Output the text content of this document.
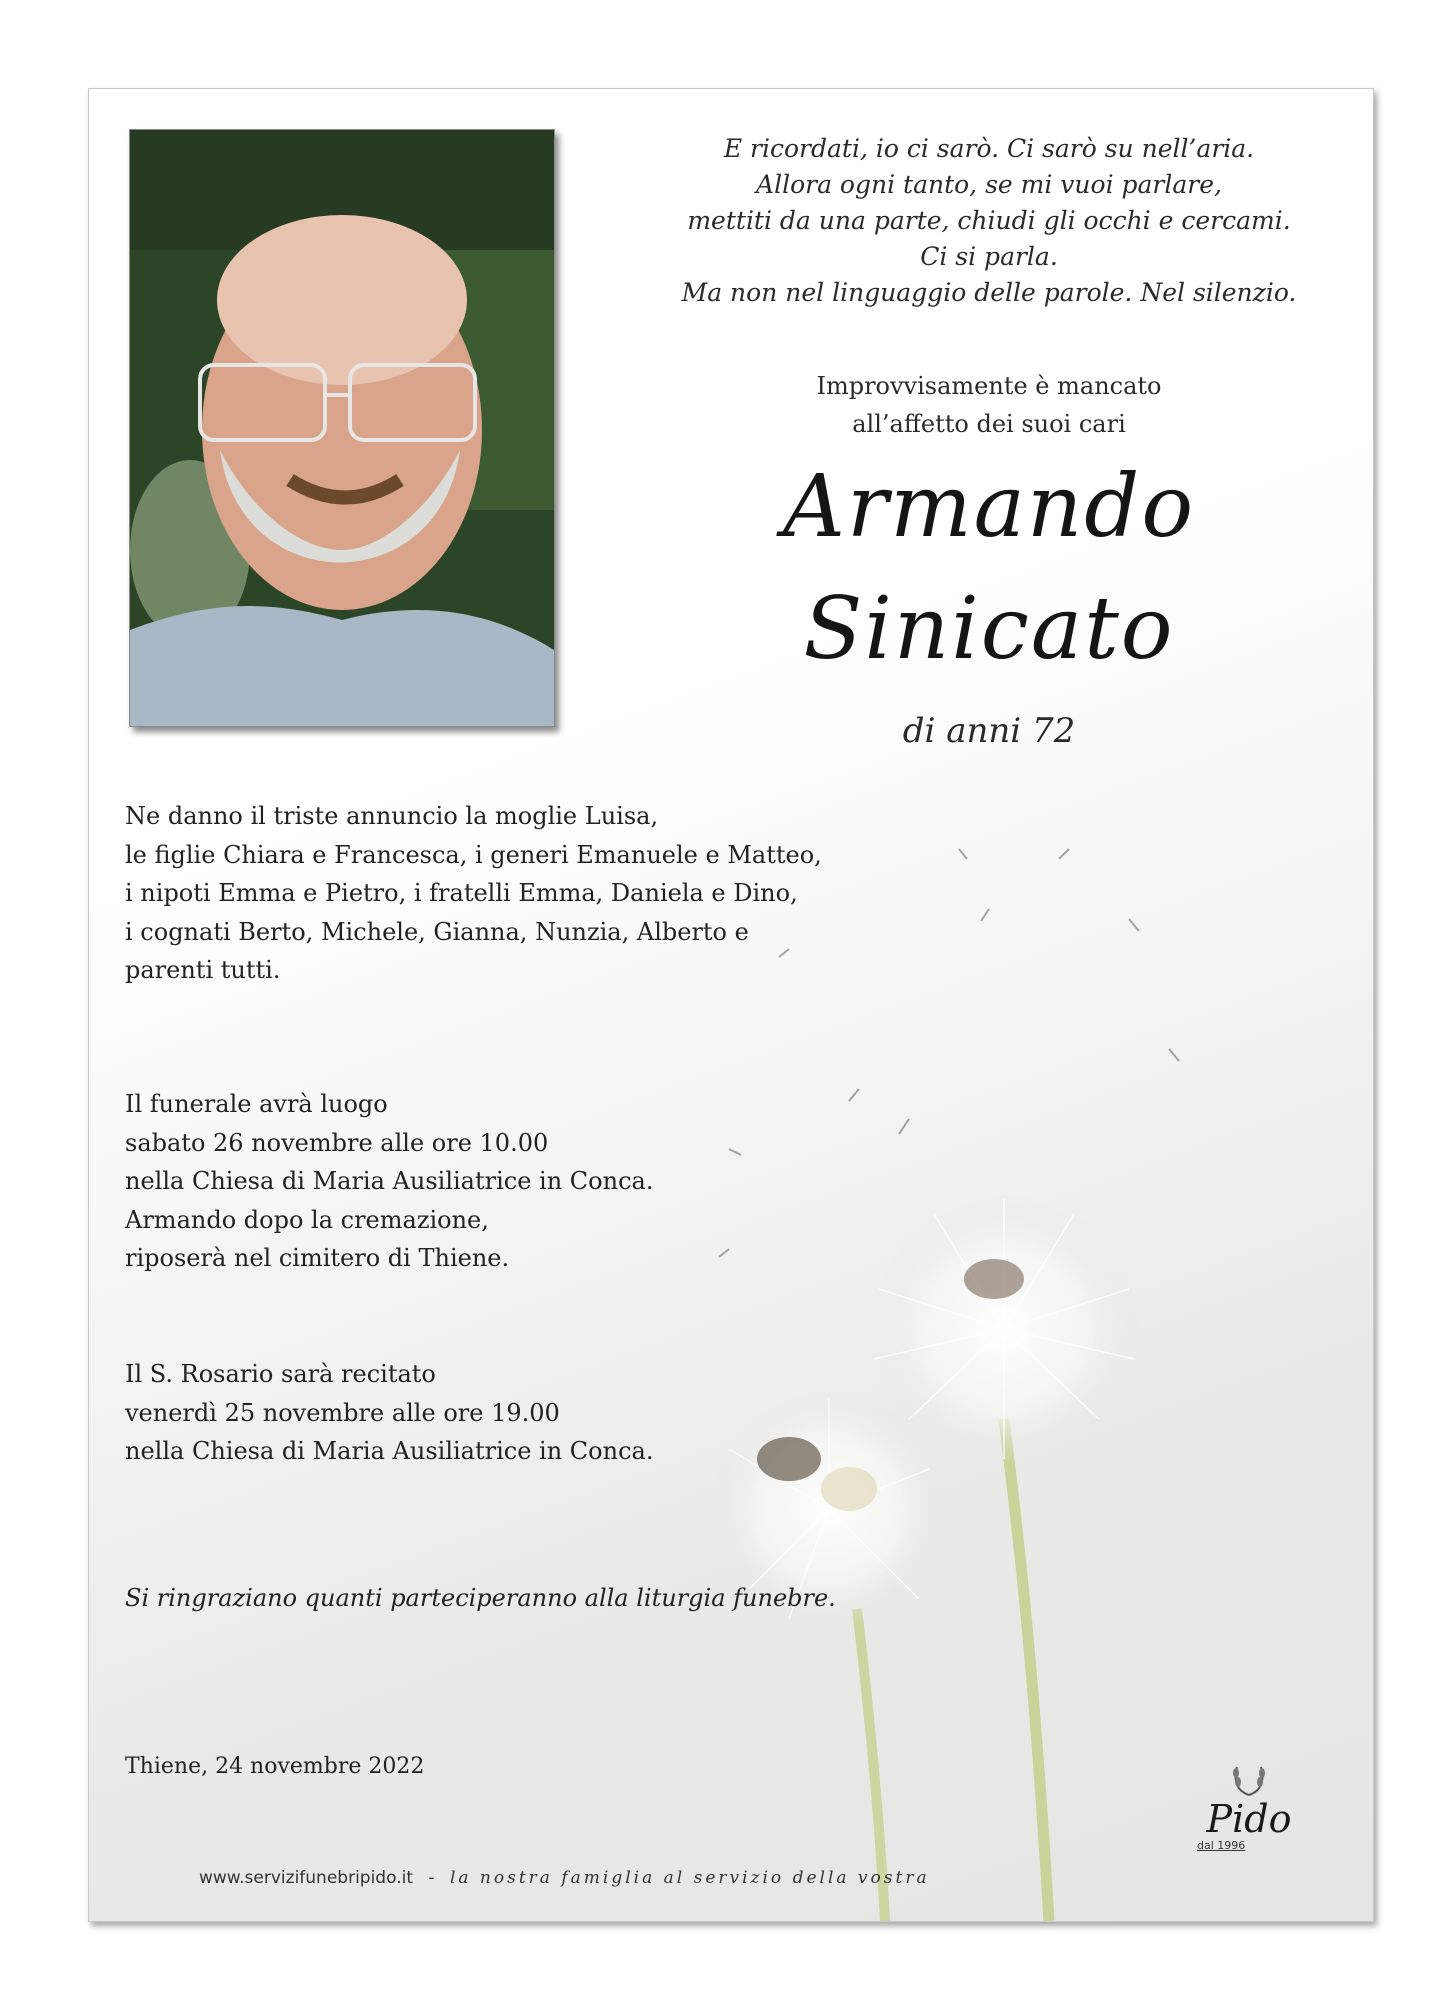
E ricordati, io ci sarò. Ci sarò su nell’aria.
Allora ogni tanto, se mi vuoi parlare,
mettiti da una parte, chiudi gli occhi e cercami.
Ci si parla.
Ma non nel linguaggio delle parole. Nel silenzio.
Improvvisamente è mancato
all’affetto dei suoi cari
Armando
Sinicato
di anni 72
Ne danno il triste annuncio la moglie Luisa,
le figlie Chiara e Francesca, i generi Emanuele e Matteo,
i nipoti Emma e Pietro, i fratelli Emma, Daniela e Dino,
i cognati Berto, Michele, Gianna, Nunzia, Alberto e
parenti tutti.
Il funerale avrà luogo
sabato 26 novembre alle ore 10.00
nella Chiesa di Maria Ausiliatrice in Conca.
Armando dopo la cremazione,
riposerà nel cimitero di Thiene.
Il S. Rosario sarà recitato
venerdì 25 novembre alle ore 19.00
nella Chiesa di Maria Ausiliatrice in Conca.
Si ringraziano quanti parteciperanno alla liturgia funebre.
Thiene, 24 novembre 2022
Pido
dal 1996
www.servizifunebripido.it - la nostra famiglia al servizio della vostra
